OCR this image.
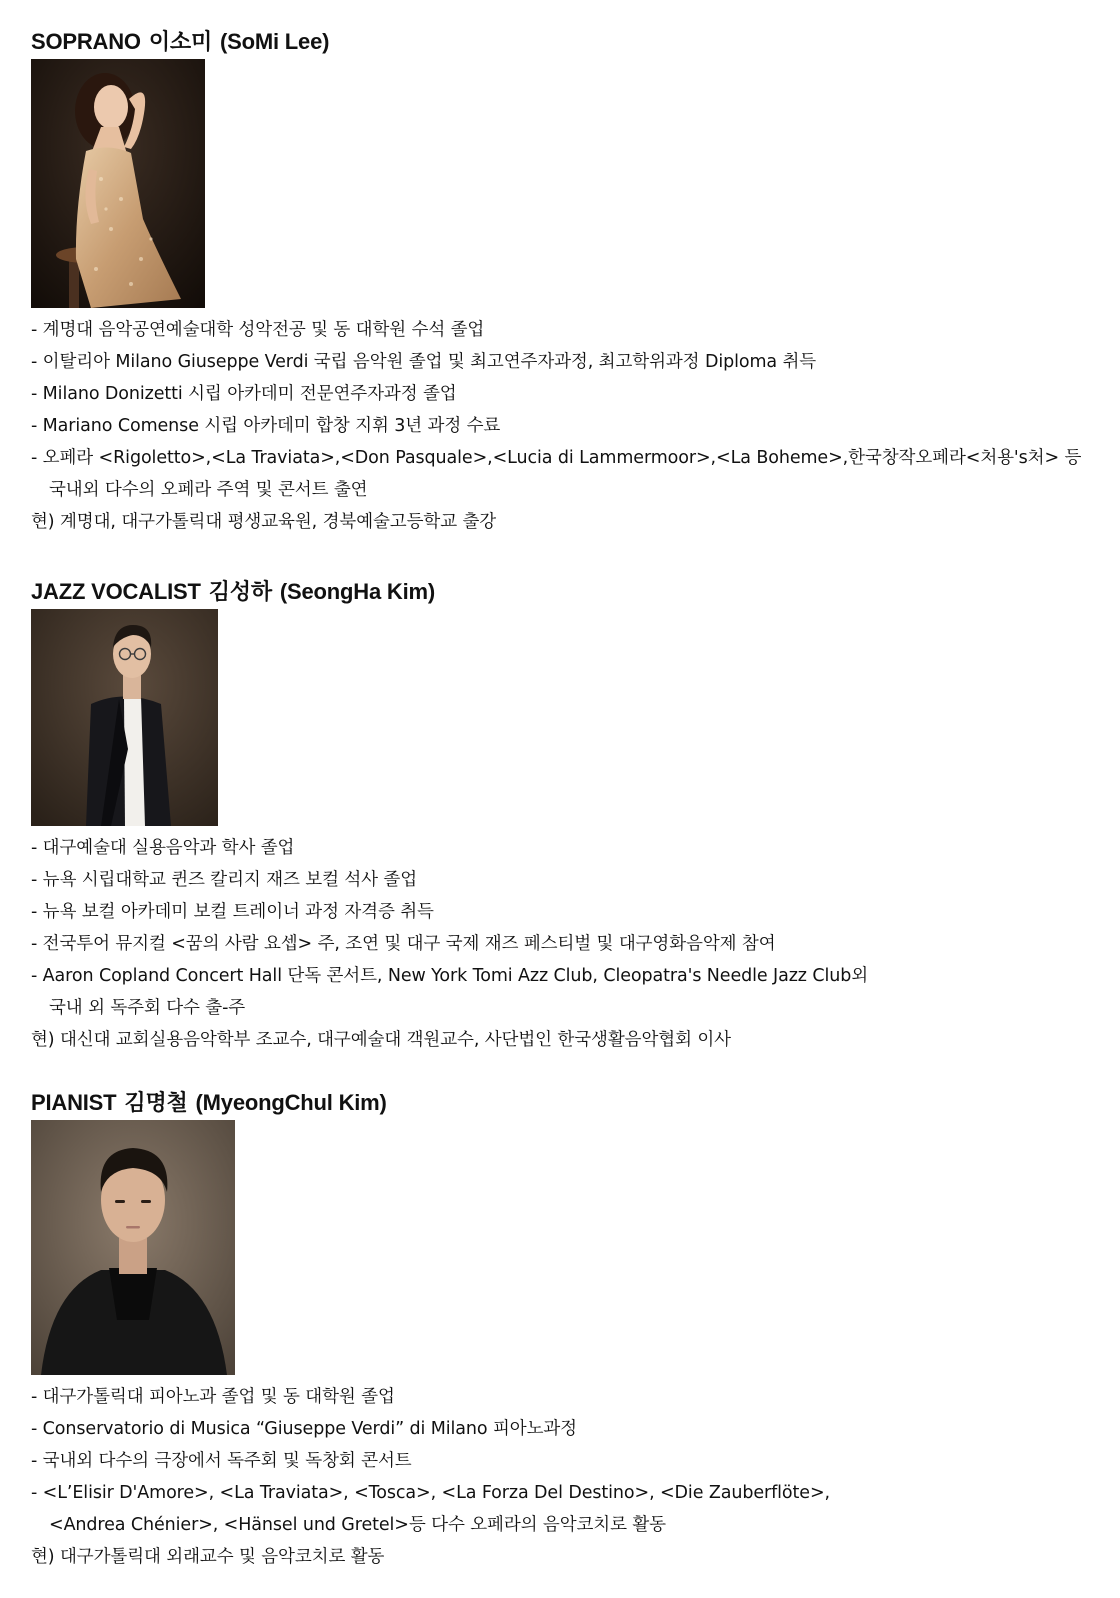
SOPRANO 이소미 (SoMi Lee)
- 계명대 음악공연예술대학 성악전공 및 동 대학원 수석 졸업
- 이탈리아 Milano Giuseppe Verdi 국립 음악원 졸업 및 최고연주자과정, 최고학위과정 Diploma 취득
- Milano Donizetti 시립 아카데미 전문연주자과정 졸업
- Mariano Comense 시립 아카데미 합창 지휘 3년 과정 수료
- 오페라 <Rigoletto>,<La Traviata>,<Don Pasquale>,<Lucia di Lammermoor>,<La Boheme>,한국창작오페라<처용's처> 등
국내외 다수의 오페라 주역 및 콘서트 출연
현) 계명대, 대구가톨릭대 평생교육원, 경북예술고등학교 출강
JAZZ VOCALIST 김성하 (SeongHa Kim)
- 대구예술대 실용음악과 학사 졸업
- 뉴욕 시립대학교 퀸즈 칼리지 재즈 보컬 석사 졸업
- 뉴욕 보컬 아카데미 보컬 트레이너 과정 자격증 취득
- 전국투어 뮤지컬 <꿈의 사람 요셉> 주, 조연 및 대구 국제 재즈 페스티벌 및 대구영화음악제 참여
- Aaron Copland Concert Hall 단독 콘서트, New York Tomi Azz Club, Cleopatra's Needle Jazz Club외
국내 외 독주회 다수 출-주
현) 대신대 교회실용음악학부 조교수, 대구예술대 객원교수, 사단법인 한국생활음악협회 이사
PIANIST 김명철 (MyeongChul Kim)
- 대구가톨릭대 피아노과 졸업 및 동 대학원 졸업
- Conservatorio di Musica “Giuseppe Verdi” di Milano 피아노과정
- 국내외 다수의 극장에서 독주회 및 독창회 콘서트
- <L’Elisir D'Amore>, <La Traviata>, <Tosca>, <La Forza Del Destino>, <Die Zauberflöte>,
<Andrea Chénier>, <Hänsel und Gretel>등 다수 오페라의 음악코치로 활동
현) 대구가톨릭대 외래교수 및 음악코치로 활동
